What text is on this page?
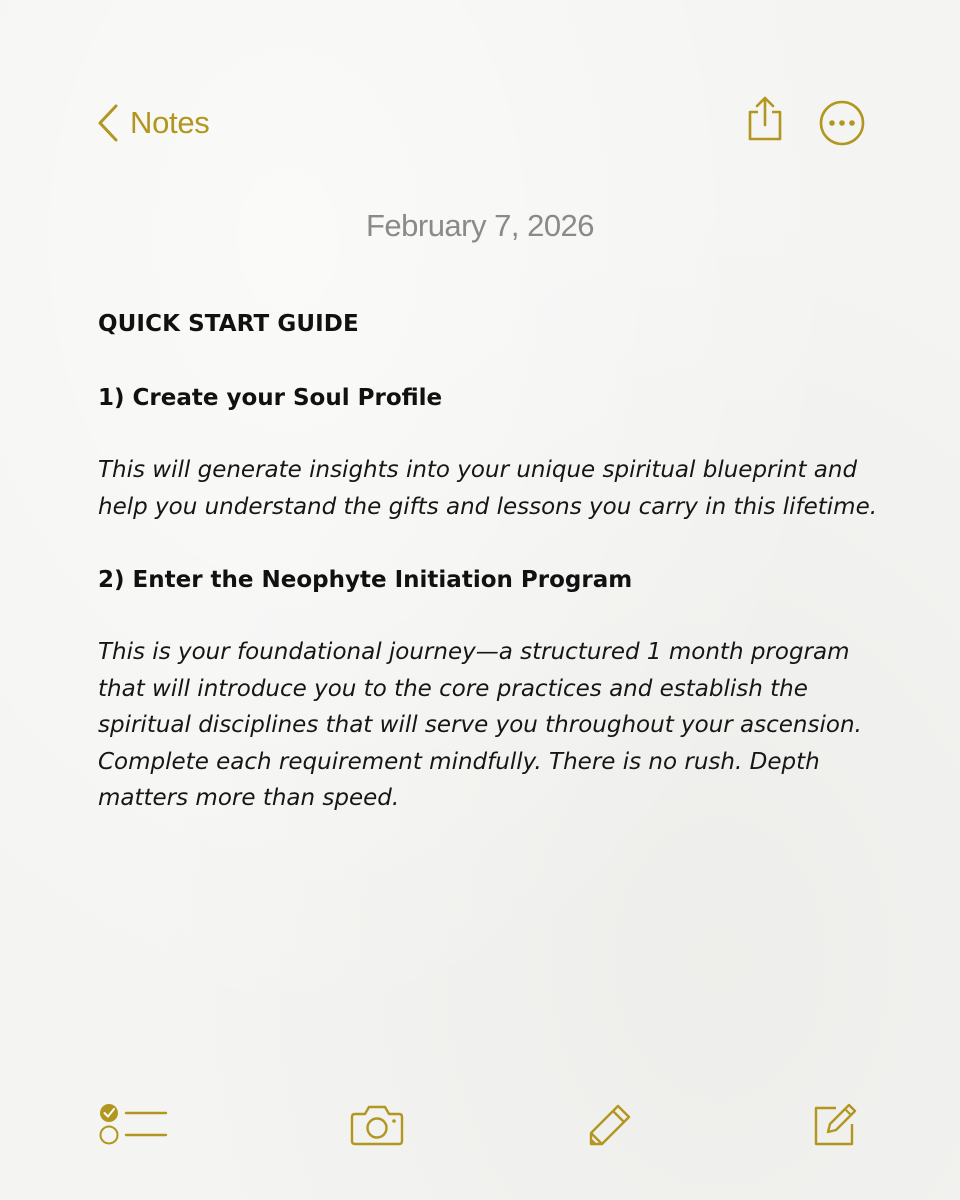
Notes
February 7, 2026

QUICK START GUIDE

1) Create your Soul Profile

This will generate insights into your unique spiritual blueprint and help you understand the gifts and lessons you carry in this lifetime.

2) Enter the Neophyte Initiation Program

This is your foundational journey—a structured 1 month program that will introduce you to the core practices and establish the spiritual disciplines that will serve you throughout your ascension. Complete each requirement mindfully. There is no rush. Depth matters more than speed.
